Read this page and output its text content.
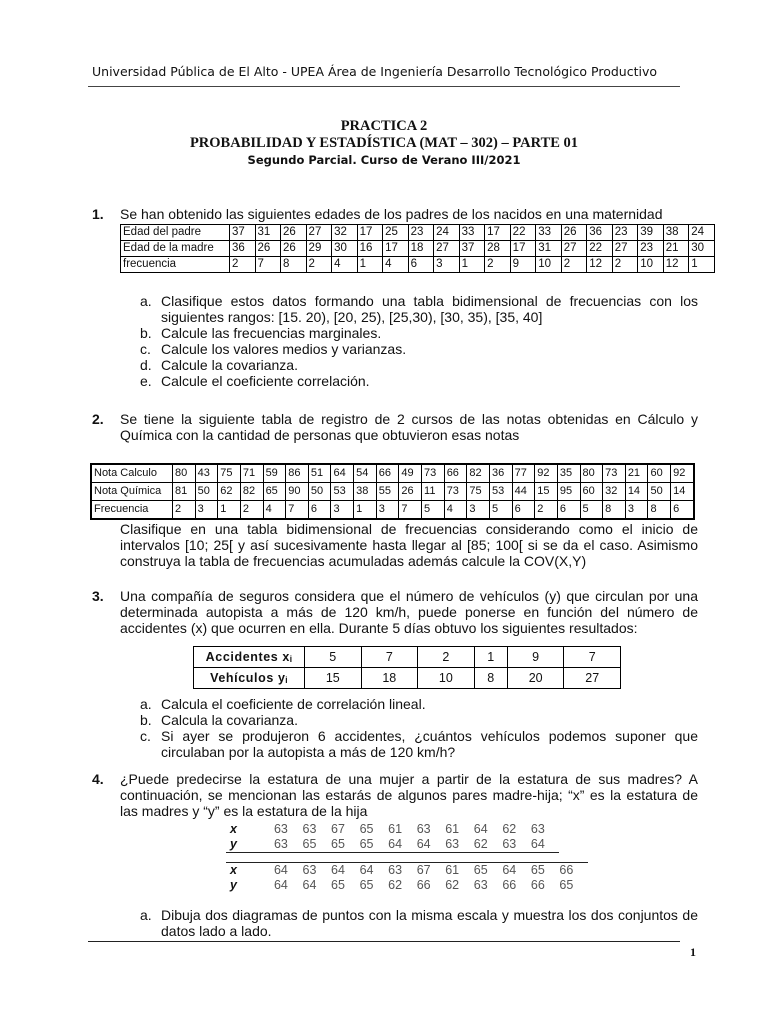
Universidad Pública de El Alto - UPEA Área de Ingeniería Desarrollo Tecnológico Productivo
PRACTICA 2
PROBABILIDAD Y ESTADÍSTICA (MAT – 302) – PARTE 01
Segundo Parcial. Curso de Verano III/2021
1. Se han obtenido las siguientes edades de los padres de los nacidos en una maternidad
Edad del padre	37	31	26	27	32	17	25	23	24	33	17	22	33	26	36	23	39	38	24
Edad de la madre	36	26	26	29	30	16	17	18	27	37	28	17	31	27	22	27	23	21	30
frecuencia	2	7	8	2	4	1	4	6	3	1	2	9	10	2	12	2	10	12	1
a. Clasifique estos datos formando una tabla bidimensional de frecuencias con los siguientes rangos: [15. 20), [20, 25), [25,30), [30, 35), [35, 40]
b. Calcule las frecuencias marginales.
c. Calcule los valores medios y varianzas.
d. Calcule la covarianza.
e. Calcule el coeficiente correlación.
2. Se tiene la siguiente tabla de registro de 2 cursos de las notas obtenidas en Cálculo y Química con la cantidad de personas que obtuvieron esas notas
Nota Calculo	80	43	75	71	59	86	51	64	54	66	49	73	66	82	36	77	92	35	80	73	21	60	92
Nota Química	81	50	62	82	65	90	50	53	38	55	26	11	73	75	53	44	15	95	60	32	14	50	14
Frecuencia	2	3	1	2	4	7	6	3	1	3	7	5	4	3	5	6	2	6	5	8	3	8	6
Clasifique en una tabla bidimensional de frecuencias considerando como el inicio de intervalos [10; 25[ y así sucesivamente hasta llegar al [85; 100[ si se da el caso. Asimismo construya la tabla de frecuencias acumuladas además calcule la COV(X,Y)
3. Una compañía de seguros considera que el número de vehículos (y) que circulan por una determinada autopista a más de 120 km/h, puede ponerse en función del número de accidentes (x) que ocurren en ella. Durante 5 días obtuvo los siguientes resultados:
Accidentes xᵢ	5	7	2	1	9	7
Vehículos yᵢ	15	18	10	8	20	27
a. Calcula el coeficiente de correlación lineal.
b. Calcula la covarianza.
c. Si ayer se produjeron 6 accidentes, ¿cuántos vehículos podemos suponer que circulaban por la autopista a más de 120 km/h?
4. ¿Puede predecirse la estatura de una mujer a partir de la estatura de sus madres? A continuación, se mencionan las estarás de algunos pares madre-hija; “x” es la estatura de las madres y “y” es la estatura de la hija
x	63	63	67	65	61	63	61	64	62	63	
y	63	65	65	65	64	64	63	62	63	64	

x	64	63	64	64	63	67	61	65	64	65	66
y	64	64	65	65	62	66	62	63	66	66	65
a. Dibuja dos diagramas de puntos con la misma escala y muestra los dos conjuntos de datos lado a lado.
1
